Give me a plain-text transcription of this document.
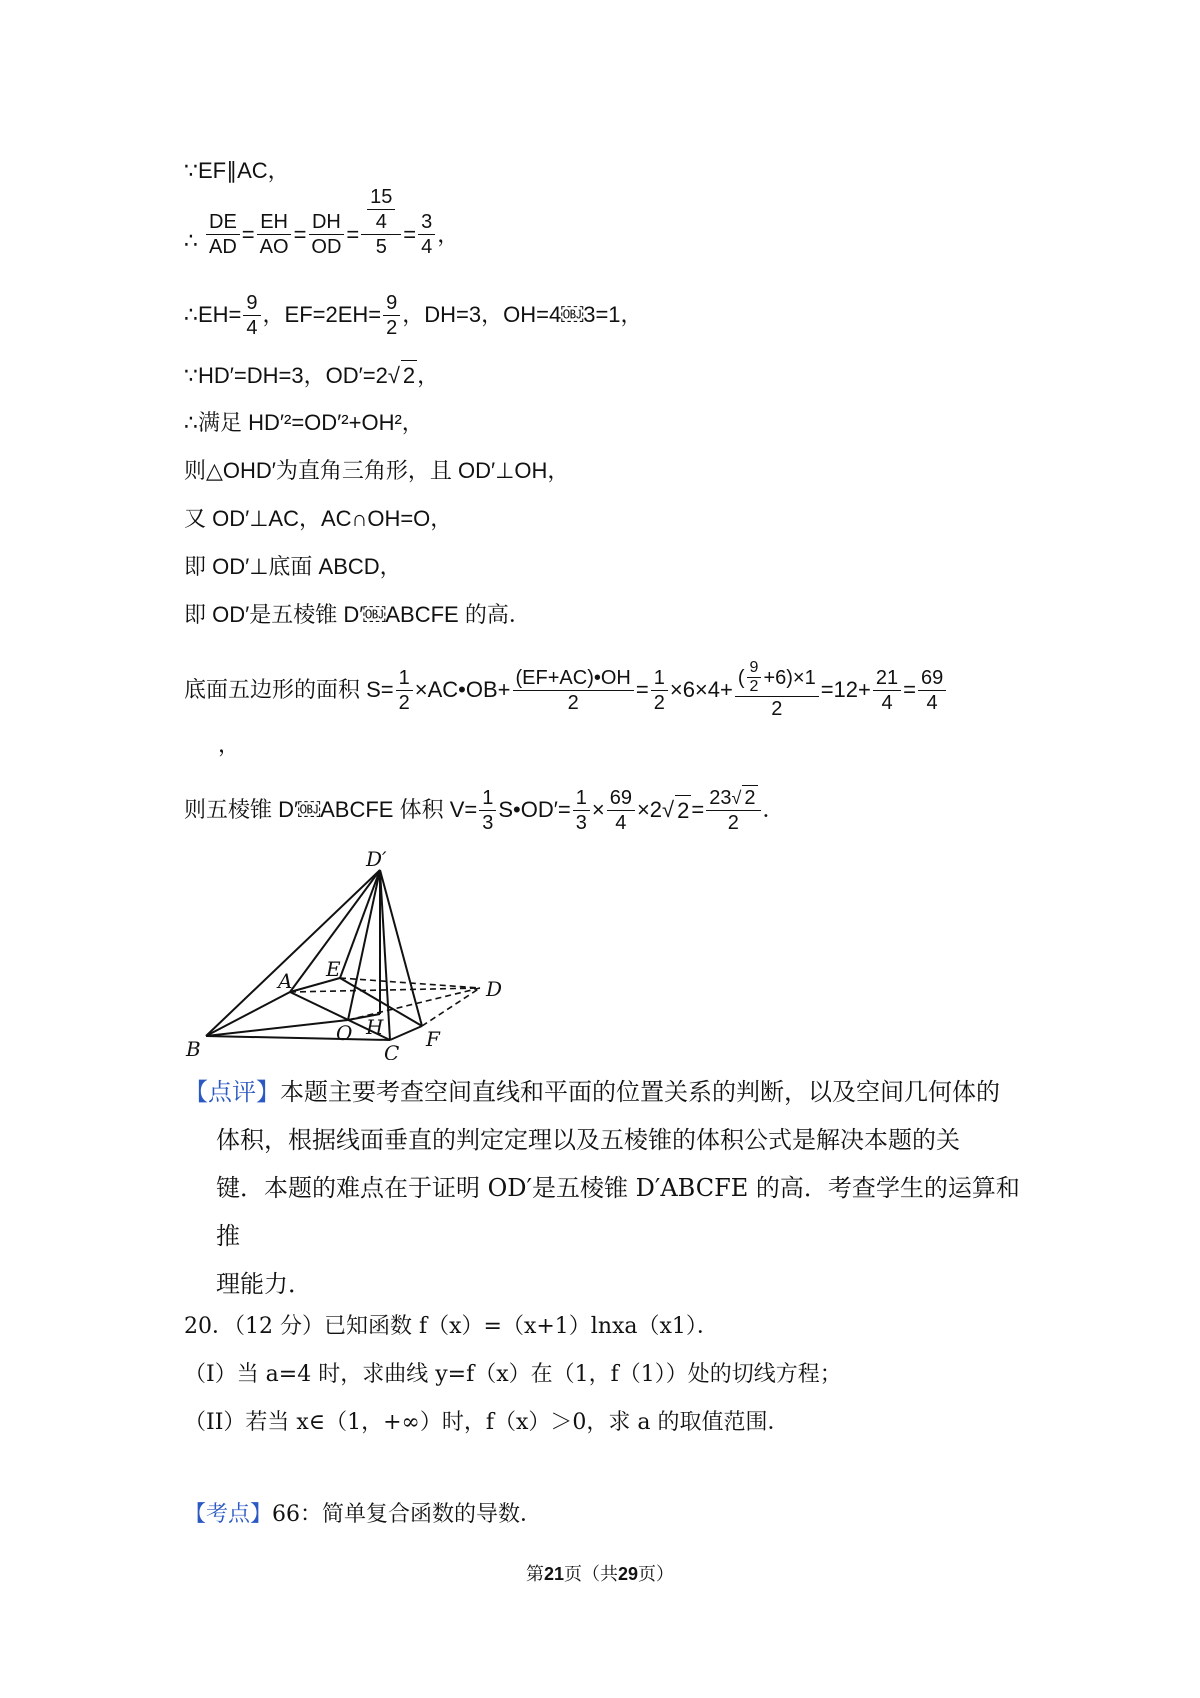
∵EF∥AC，
∴ $\frac{DE}{AD} = \frac{EH}{AO} = \frac{DH}{OD}$ =
15
4
$5 = \frac{3}{4}$ ，
∴EH= $\frac{9}{4}$ ，$EF=2EH= \frac{9}{2}$ ，DH=3，OH=4￼3=1，
∵HD′=DH=3，OD′=2√ 2，
∴满足 HD′²=OD′²+OH²，
则△OHD′为直角三角形，且 OD′⊥OH，
又 OD′⊥AC，AC∩OH=O，
即 OD′⊥底面 ABCD，
即 OD′是五棱锥 D′￼ABCFE 的高．
底面五边形的面积 $S= \frac{1}{2}$ ×AC•OB+ $\frac{(EF+AC)•OH}{2} = \frac{1}{2} \times 6\times 4+ \frac{( \frac{9}{2} +6)\times 1}{2} =12+ \frac{21}{4} = \frac{69}{4}$
，
则五棱锥 D′￼ABCFE 体积 $V= \frac{1}{3}$ S•OD′= $\frac{1}{3} \times \frac{69}{4} \times 2$ √ $2 = \frac{23√ 2}{2}$ ．
D′
A E
D
B
O H F
C
【点评】本题主要考查空间直线和平面的位置关系的判断，以及空间几何体的
体积，根据线面垂直的判定定理以及五棱锥的体积公式是解决本题的关
键．本题的难点在于证明 OD′是五棱锥 D′￼ABCFE 的高．考查学生的运算和推
理能力．
20．（12 分）已知函数 f（x）=（x+1）lnx￼a（x￼1）．
（I）当 a=4 时，求曲线 y=f（x）在（1，f（1））处的切线方程；
（II）若当 x∈（1，+∞）时，f（x）＞0，求 a 的取值范围．
【考点】66：简单复合函数的导数．
第21页（共29页）
